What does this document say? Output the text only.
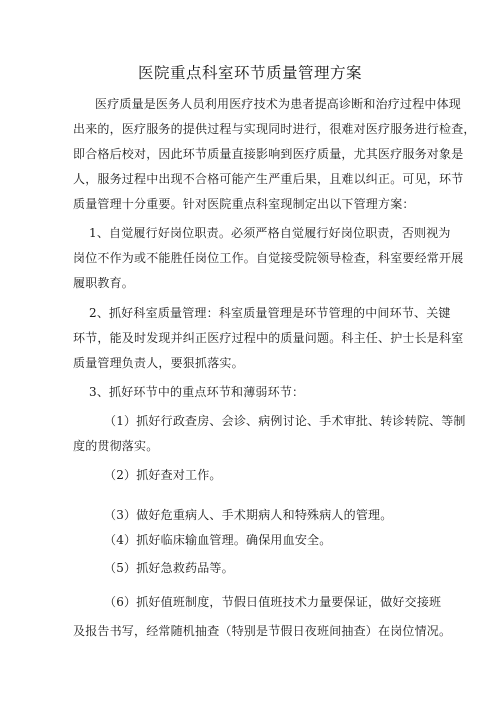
医院重点科室环节质量管理方案
医疗质量是医务人员利用医疗技术为患者提高诊断和治疗过程中体现
出来的，医疗服务的提供过程与实现同时进行，很难对医疗服务进行检查，
即合格后校对，因此环节质量直接影响到医疗质量，尤其医疗服务对象是
人，服务过程中出现不合格可能产生严重后果，且难以纠正。可见，环节
质量管理十分重要。针对医院重点科室现制定出以下管理方案：
1、自觉履行好岗位职责。必须严格自觉履行好岗位职责，否则视为
岗位不作为或不能胜任岗位工作。自觉接受院领导检查，科室要经常开展
履职教育。
2、抓好科室质量管理：科室质量管理是环节管理的中间环节、关键
环节，能及时发现并纠正医疗过程中的质量问题。科主任、护士长是科室
质量管理负责人，要狠抓落实。
3、抓好环节中的重点环节和薄弱环节：
（1）抓好行政查房、会诊、病例讨论、手术审批、转诊转院、等制
度的贯彻落实。
（2）抓好查对工作。
（3）做好危重病人、手术期病人和特殊病人的管理。
（4）抓好临床输血管理。确保用血安全。
（5）抓好急救药品等。
（6）抓好值班制度，节假日值班技术力量要保证，做好交接班
及报告书写，经常随机抽查（特别是节假日夜班间抽查）在岗位情况。
